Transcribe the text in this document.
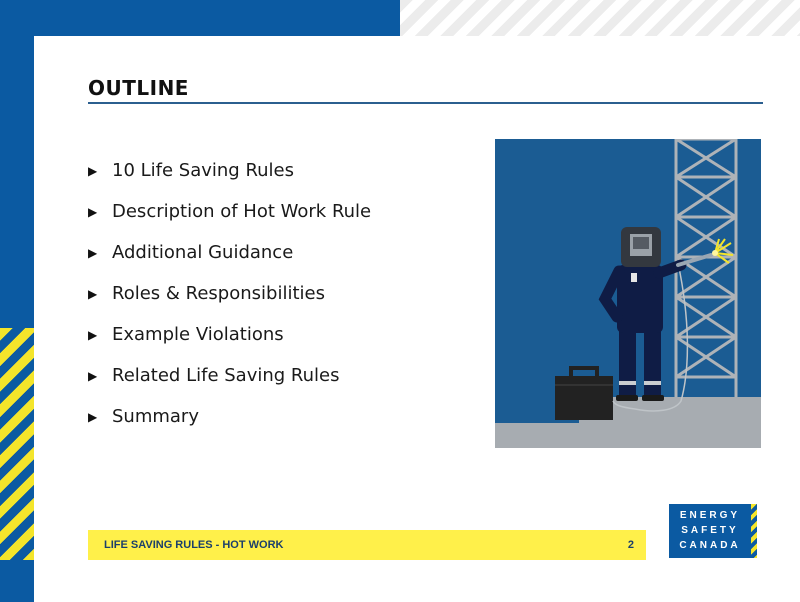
OUTLINE
▶ 10 Life Saving Rules
▶ Description of Hot Work Rule
▶ Additional Guidance
▶ Roles & Responsibilities
▶ Example Violations
▶ Related Life Saving Rules
▶ Summary
LIFE SAVING RULES - HOT WORK	2
ENERGY
SAFETY
CANADA
